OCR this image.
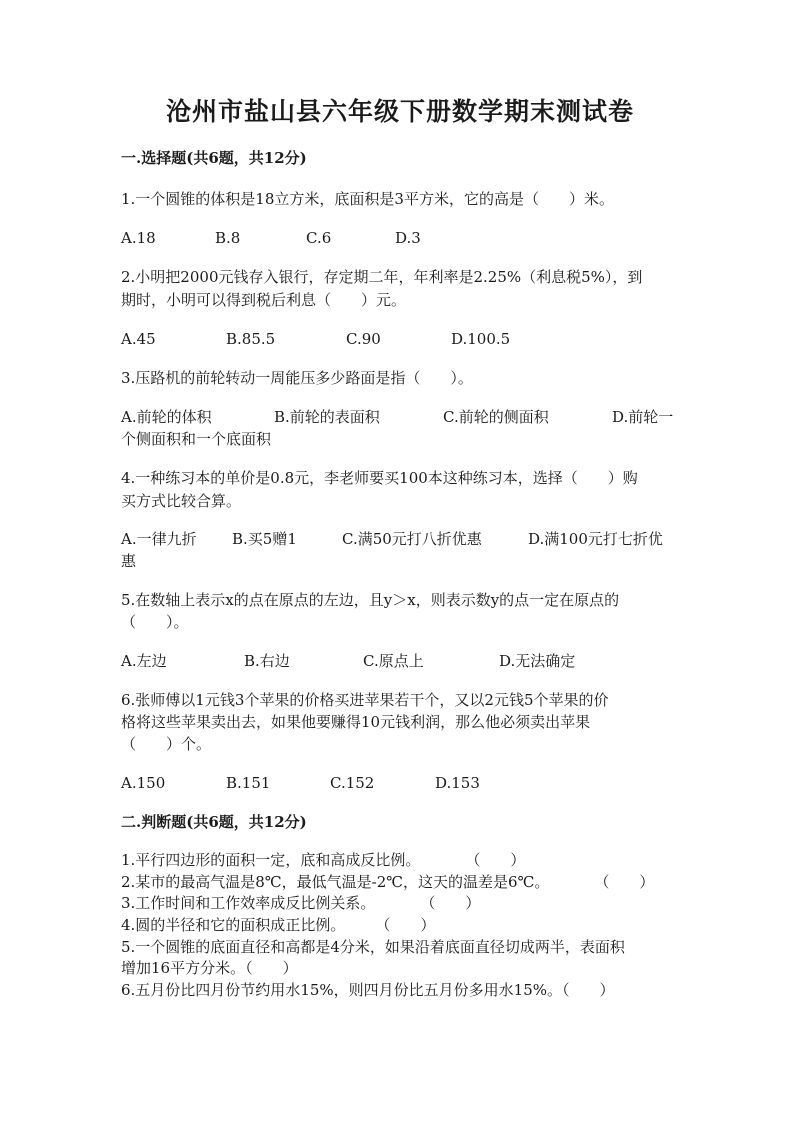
沧州市盐山县六年级下册数学期末测试卷
一.选择题(共6题，共12分)
1.一个圆锥的体积是18立方米，底面积是3平方米，它的高是（　　）米。
A.18	B.8	C.6	D.3
2.小明把2000元钱存入银行，存定期二年，年利率是2.25%（利息税5%），到
期时，小明可以得到税后利息（　　）元。
A.45	B.85.5	C.90	D.100.5
3.压路机的前轮转动一周能压多少路面是指（　　）。
A.前轮的体积	B.前轮的表面积	C.前轮的侧面积	D.前轮一
个侧面积和一个底面积
4.一种练习本的单价是0.8元，李老师要买100本这种练习本，选择（　　）购
买方式比较合算。
A.一律九折 B.买5赠1	C.满50元打八折优惠	D.满100元打七折优
惠
5.在数轴上表示x的点在原点的左边，且y＞x，则表示数y的点一定在原点的
（　　）。
A.左边	B.右边	C.原点上	D.无法确定
6.张师傅以1元钱3个苹果的价格买进苹果若干个，又以2元钱5个苹果的价
格将这些苹果卖出去，如果他要赚得10元钱利润，那么他必须卖出苹果
（　　）个。
A.150	B.151	C.152	D.153
二.判断题(共6题，共12分)
1.平行四边形的面积一定，底和高成反比例。　　　　（　　）
2.某市的最高气温是8℃，最低气温是-2℃，这天的温差是6℃。　　　　（　　）
3.工作时间和工作效率成反比例关系。　　　　（　　）
4.圆的半径和它的面积成正比例。　　　（　　）
5.一个圆锥的底面直径和高都是4分米，如果沿着底面直径切成两半，表面积
增加16平方分米。（　　）
6.五月份比四月份节约用水15%，则四月份比五月份多用水15%。（　　）
